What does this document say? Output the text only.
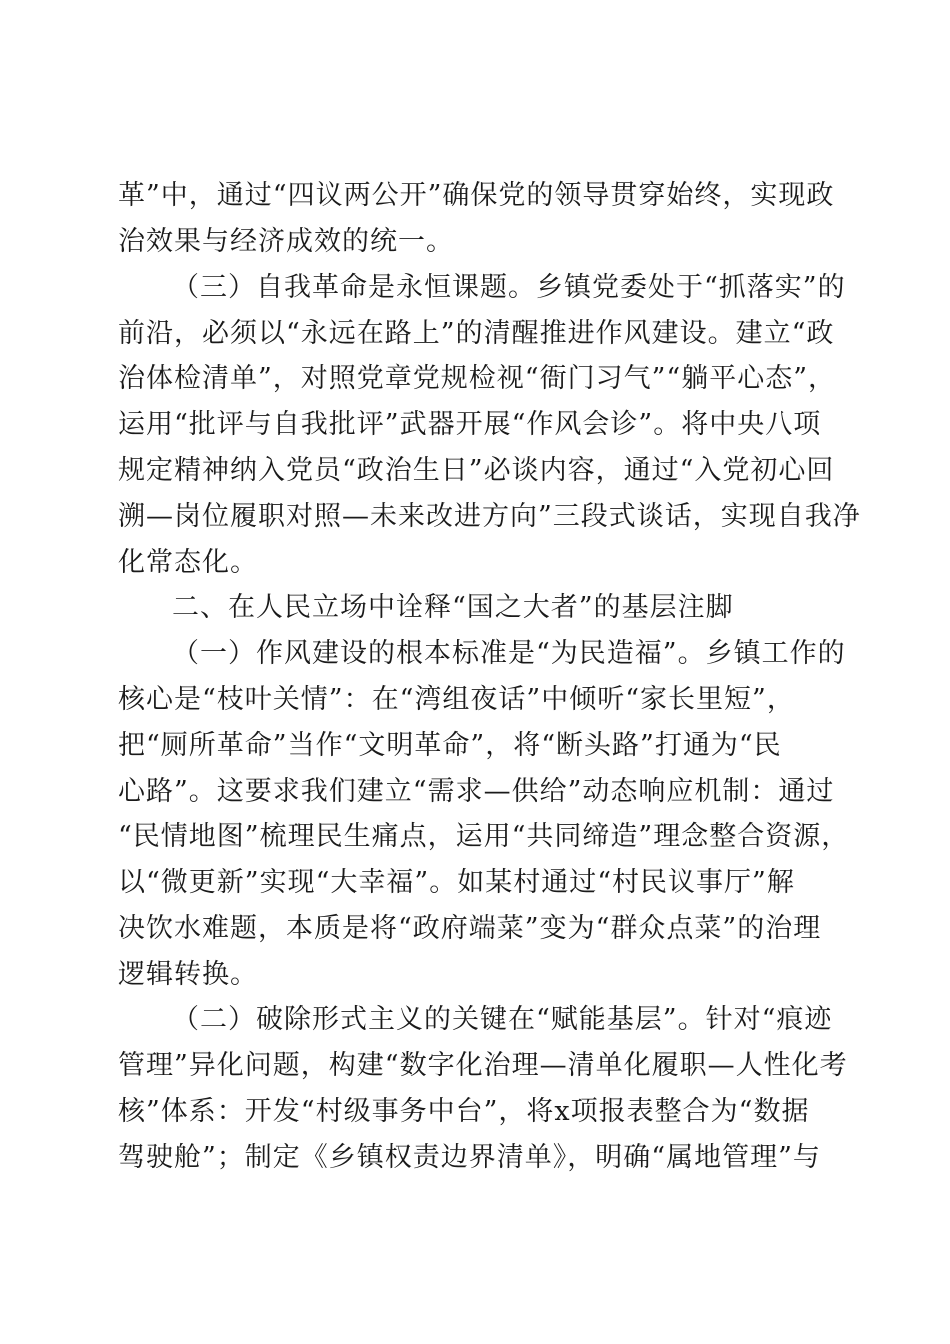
革”中，通过“四议两公开”确保党的领导贯穿始终，实现政
治效果与经济成效的统一。
（三）自我革命是永恒课题。乡镇党委处于“抓落实”的
前沿，必须以“永远在路上”的清醒推进作风建设。建立“政
治体检清单”，对照党章党规检视“衙门习气”“躺平心态”，
运用“批评与自我批评”武器开展“作风会诊”。将中央八项
规定精神纳入党员“政治生日”必谈内容，通过“入党初心回
溯—岗位履职对照—未来改进方向”三段式谈话，实现自我净
化常态化。
二、在人民立场中诠释“国之大者”的基层注脚
（一）作风建设的根本标准是“为民造福”。乡镇工作的
核心是“枝叶关情”：在“湾组夜话”中倾听“家长里短”，
把“厕所革命”当作“文明革命”，将“断头路”打通为“民
心路”。这要求我们建立“需求—供给”动态响应机制：通过
“民情地图”梳理民生痛点，运用“共同缔造”理念整合资源，
以“微更新”实现“大幸福”。如某村通过“村民议事厅”解
决饮水难题，本质是将“政府端菜”变为“群众点菜”的治理
逻辑转换。
（二）破除形式主义的关键在“赋能基层”。针对“痕迹
管理”异化问题，构建“数字化治理—清单化履职—人性化考
核”体系：开发“村级事务中台”，将x项报表整合为“数据
驾驶舱”；制定《乡镇权责边界清单》，明确“属地管理”与
